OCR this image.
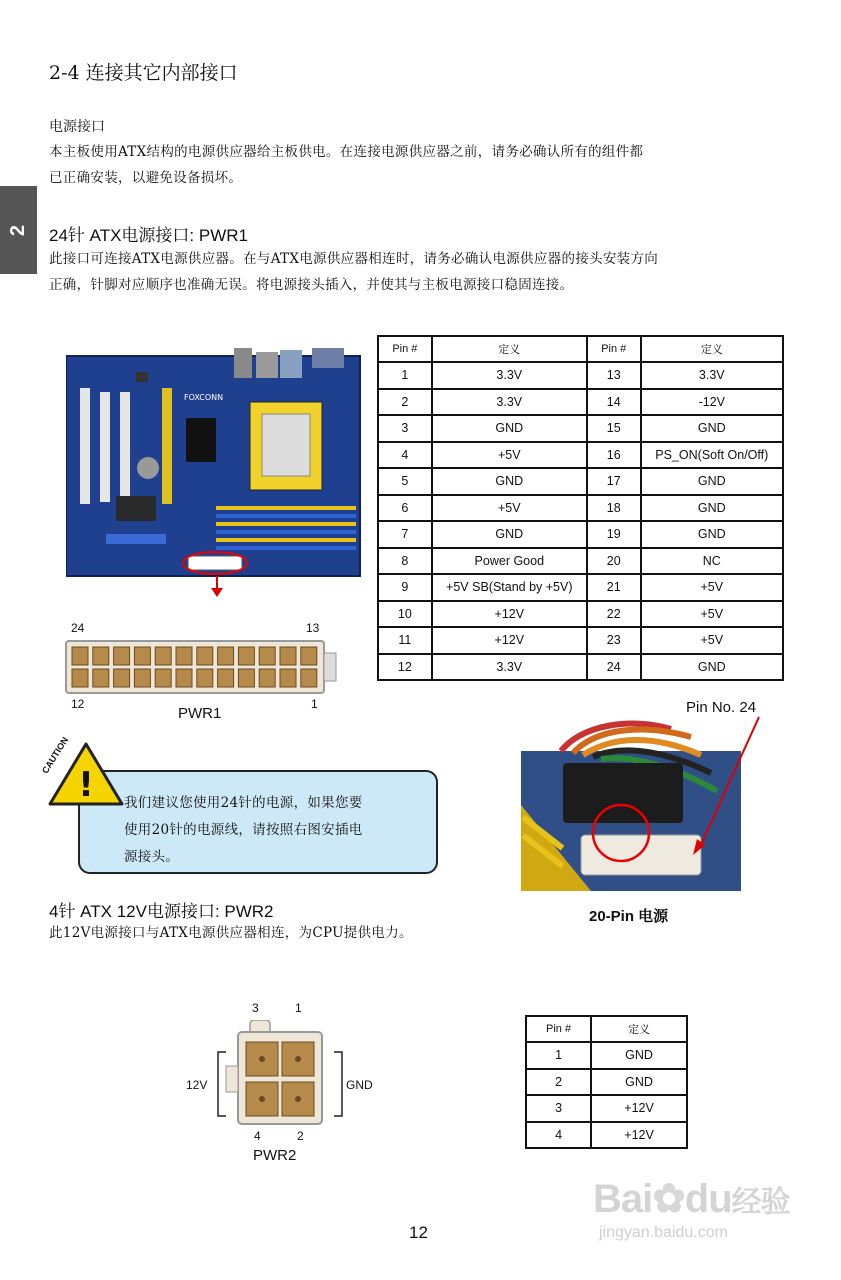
2
2-4 连接其它内部接口
电源接口
本主板使用ATX结构的电源供应器给主板供电。在连接电源供应器之前，请务必确认所有的组件都
已正确安装，以避免设备损坏。
24针 ATX电源接口: PWR1
此接口可连接ATX电源供应器。在与ATX电源供应器相连时，请务必确认电源供应器的接头安装方向
正确，针脚对应顺序也准确无误。将电源接头插入，并使其与主板电源接口稳固连接。
FOXCONN
24	13
12	1
PWR1
Pin #	定义	Pin #	定义
1	3.3V	13	3.3V
2	3.3V	14	-12V
3	GND	15	GND
4	+5V	16	PS_ON(Soft On/Off)
5	GND	17	GND
6	+5V	18	GND
7	GND	19	GND
8	Power Good	20	NC
9	+5V SB(Stand by +5V)	21	+5V
10	+12V	22	+5V
11	+12V	23	+5V
12	3.3V	24	GND
!
CAUTION
我们建议您使用24针的电源，如果您要
使用20针的电源线，请按照右图安插电
源接头。
Pin No. 24
20-Pin 电源
4针 ATX 12V电源接口: PWR2
此12V电源接口与ATX电源供应器相连，为CPU提供电力。
3	1
12V	GND
4	2
PWR2
Pin #	定义
1	GND
2	GND
3	+12V
4	+12V
Bai✿du经验
jingyan.baidu.com
12
